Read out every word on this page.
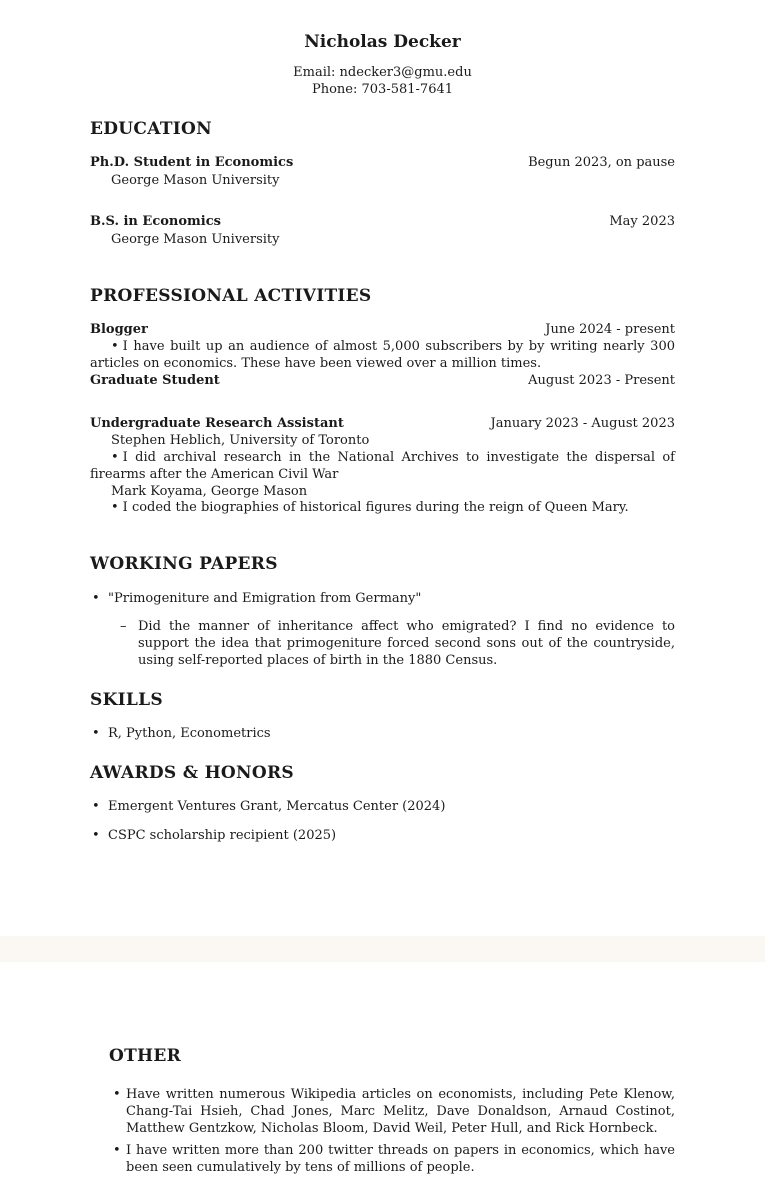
Nicholas Decker
Email: ndecker3@gmu.edu
Phone: 703-581-7641
EDUCATION
Ph.D. Student in Economics	Begun 2023, on pause
George Mason University
B.S. in Economics	May 2023
George Mason University
PROFESSIONAL ACTIVITIES
Blogger	June 2024 - present
• I have built up an audience of almost 5,000 subscribers by by writing nearly 300 articles on economics. These have been viewed over a million times.
Graduate Student	August 2023 - Present
Undergraduate Research Assistant	January 2023 - August 2023
Stephen Heblich, University of Toronto
• I did archival research in the National Archives to investigate the dispersal of firearms after the American Civil War
Mark Koyama, George Mason
• I coded the biographies of historical figures during the reign of Queen Mary.
WORKING PAPERS
• "Primogeniture and Emigration from Germany"
– Did the manner of inheritance affect who emigrated? I find no evidence to support the idea that primogeniture forced second sons out of the countryside, using self-reported places of birth in the 1880 Census.
SKILLS
• R, Python, Econometrics
AWARDS & HONORS
• Emergent Ventures Grant, Mercatus Center (2024)
• CSPC scholarship recipient (2025)
OTHER
• Have written numerous Wikipedia articles on economists, including Pete Klenow, Chang-Tai Hsieh, Chad Jones, Marc Melitz, Dave Donaldson, Arnaud Costinot, Matthew Gentzkow, Nicholas Bloom, David Weil, Peter Hull, and Rick Hornbeck.
• I have written more than 200 twitter threads on papers in economics, which have been seen cumulatively by tens of millions of people.
